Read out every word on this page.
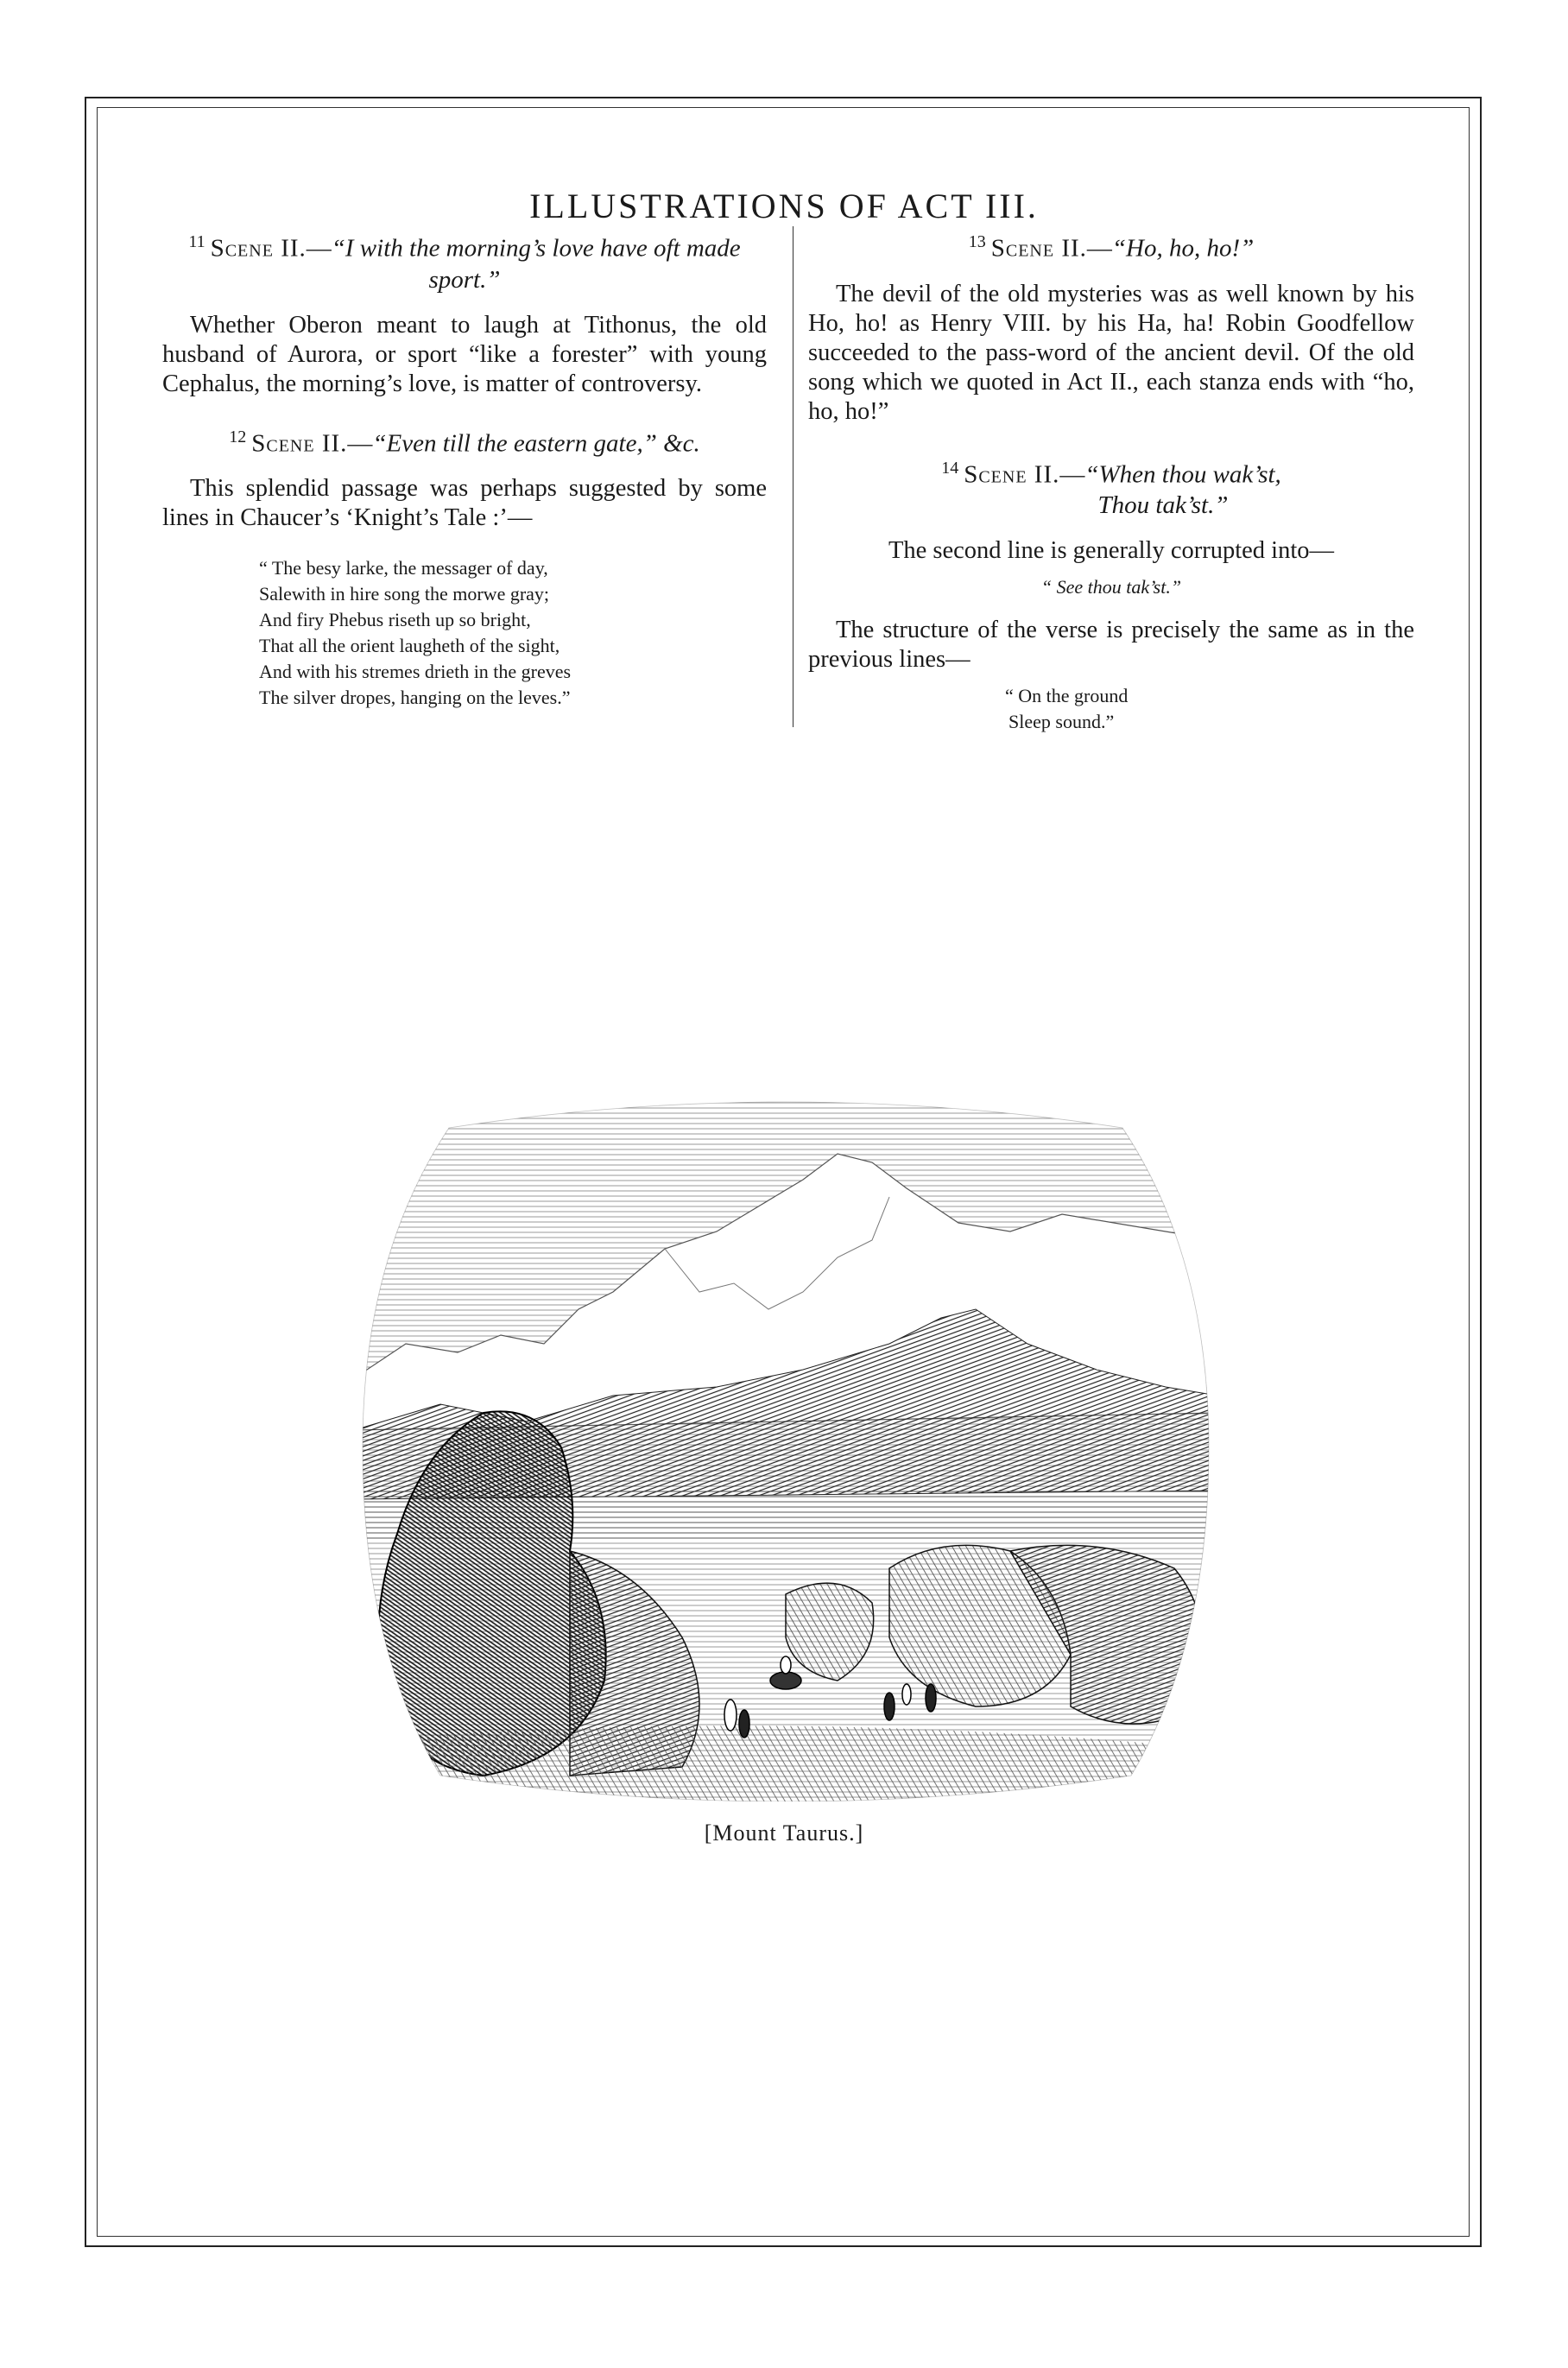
ILLUSTRATIONS OF ACT III.
$^{11}$ Scene II.—“I with the morning’s love have oft made sport.”

Whether Oberon meant to laugh at Tithonus, the old husband of Aurora, or sport “like a forester” with young Cephalus, the morning’s love, is matter of controversy.

$^{12}$ Scene II.—“Even till the eastern gate,” &c.

This splendid passage was perhaps suggested by some lines in Chaucer’s ‘Knight’s Tale :’—

“ The besy larke, the messager of day,
Salewith in hire song the morwe gray;
And firy Phebus riseth up so bright,
That all the orient laugheth of the sight,
And with his stremes drieth in the greves
The silver dropes, hanging on the leves.”
$^{13}$ Scene II.—“Ho, ho, ho!”

The devil of the old mysteries was as well known by his Ho, ho! as Henry VIII. by his Ha, ha! Robin Goodfellow succeeded to the pass-word of the ancient devil. Of the old song which we quoted in Act II., each stanza ends with “ho, ho, ho!”

$^{14}$ Scene II.—“When thou wak’st,
Thou tak’st.”

The second line is generally corrupted into—

“ See thou tak’st.”

The structure of the verse is precisely the same as in the previous lines—

“ On the ground
Sleep sound.”
[Mount Taurus.]
